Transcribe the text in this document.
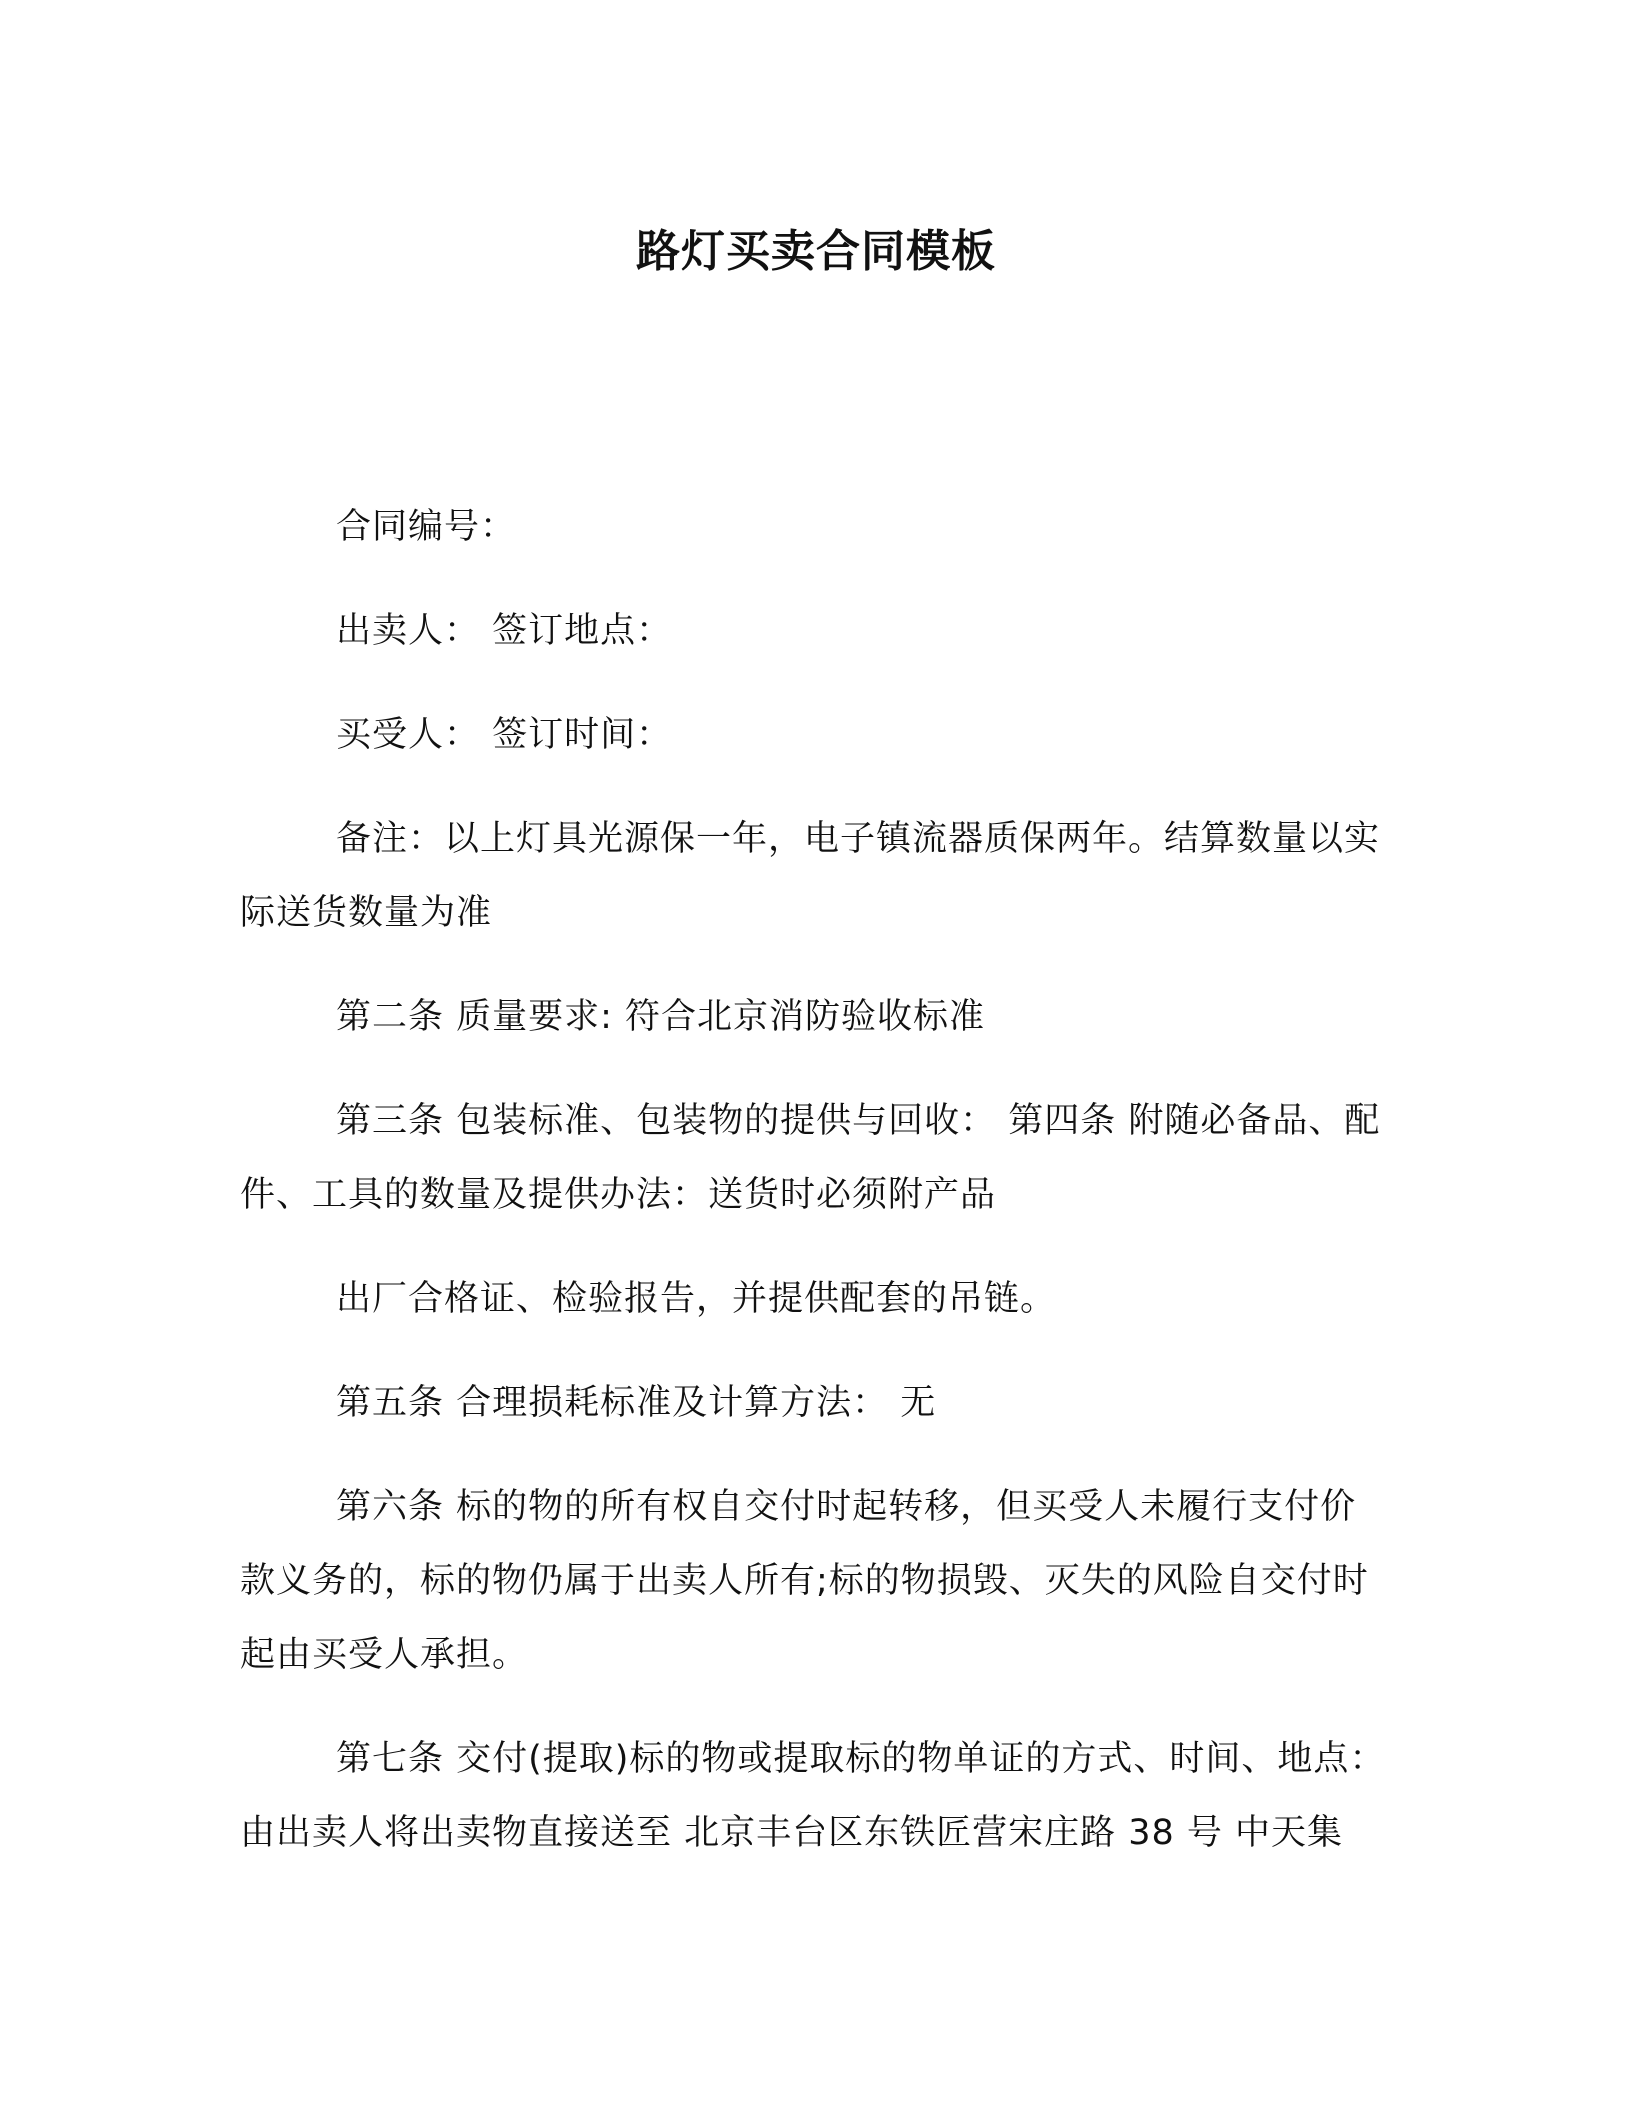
路灯买卖合同模板

合同编号：

出卖人： 签订地点：

买受人： 签订时间：

备注：以上灯具光源保一年，电子镇流器质保两年。结算数量以实际送货数量为准

第二条 质量要求: 符合北京消防验收标准

第三条 包装标准、包装物的提供与回收： 第四条 附随必备品、配件、工具的数量及提供办法：送货时必须附产品

出厂合格证、检验报告，并提供配套的吊链。

第五条 合理损耗标准及计算方法： 无

第六条 标的物的所有权自交付时起转移，但买受人未履行支付价款义务的，标的物仍属于出卖人所有;标的物损毁、灭失的风险自交付时起由买受人承担。

第七条 交付(提取)标的物或提取标的物单证的方式、时间、地点：由出卖人将出卖物直接送至 北京丰台区东铁匠营宋庄路 38 号 中天集
